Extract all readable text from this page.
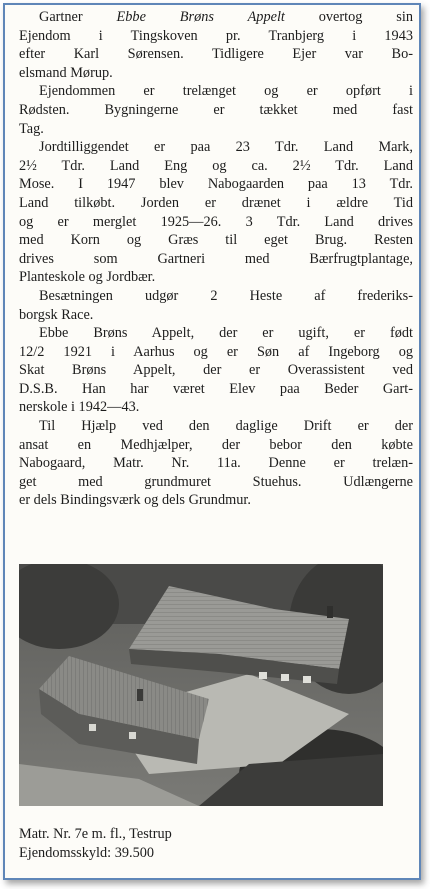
Gartner Ebbe Brøns Appelt overtog sin
Ejendom i Tingskoven pr. Tranbjerg i 1943
efter Karl Sørensen. Tidligere Ejer var Bo-
elsmand Mørup.
Ejendommen er trelænget og er opført i
Rødsten. Bygningerne er tækket med fast
Tag.
Jordtilliggendet er paa 23 Tdr. Land Mark,
2½ Tdr. Land Eng og ca. 2½ Tdr. Land
Mose. I 1947 blev Nabogaarden paa 13 Tdr.
Land tilkøbt. Jorden er drænet i ældre Tid
og er merglet 1925—26. 3 Tdr. Land drives
med Korn og Græs til eget Brug. Resten
drives som Gartneri med Bærfrugtplantage,
Planteskole og Jordbær.
Besætningen udgør 2 Heste af frederiks-
borgsk Race.
Ebbe Brøns Appelt, der er ugift, er født
12/2 1921 i Aarhus og er Søn af Ingeborg og
Skat Brøns Appelt, der er Overassistent ved
D.S.B. Han har været Elev paa Beder Gart-
nerskole i 1942—43.
Til Hjælp ved den daglige Drift er der
ansat en Medhjælper, der bebor den købte
Nabogaard, Matr. Nr. 11a. Denne er trelæn-
get med grundmuret Stuehus. Udlængerne
er dels Bindingsværk og dels Grundmur.
Matr. Nr. 7e m. fl., Testrup
Ejendomsskyld: 39.500
